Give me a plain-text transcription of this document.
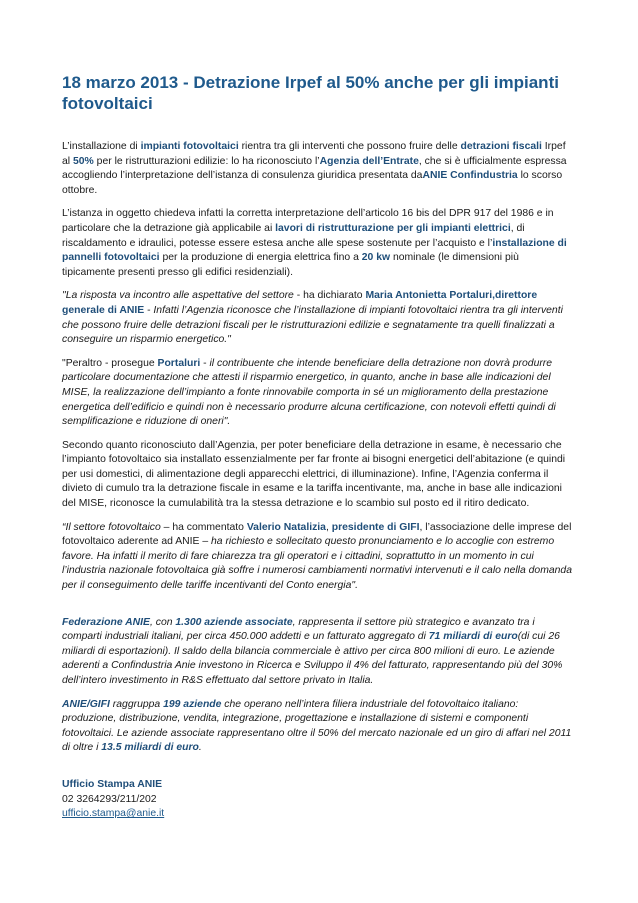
18 marzo 2013 - Detrazione Irpef al 50% anche per gli impianti fotovoltaici

L’installazione di impianti fotovoltaici rientra tra gli interventi che possono fruire delle detrazioni fiscali Irpef al 50% per le ristrutturazioni edilizie: lo ha riconosciuto l’Agenzia dell’Entrate, che si è ufficialmente espressa accogliendo l’interpretazione dell’istanza di consulenza giuridica presentata daANIE Confindustria lo scorso ottobre.

L’istanza in oggetto chiedeva infatti la corretta interpretazione dell’articolo 16 bis del DPR 917 del 1986 e in particolare che la detrazione già applicabile ai lavori di ristrutturazione per gli impianti elettrici, di riscaldamento e idraulici, potesse essere estesa anche alle spese sostenute per l’acquisto e l’installazione di pannelli fotovoltaici per la produzione di energia elettrica fino a 20 kw nominale (le dimensioni più tipicamente presenti presso gli edifici residenziali).

"La risposta va incontro alle aspettative del settore - ha dichiarato Maria Antonietta Portaluri,direttore generale di ANIE - Infatti l’Agenzia riconosce che l’installazione di impianti fotovoltaici rientra tra gli interventi che possono fruire delle detrazioni fiscali per le ristrutturazioni edilizie e segnatamente tra quelli finalizzati a conseguire un risparmio energetico."

"Peraltro - prosegue Portaluri - il contribuente che intende beneficiare della detrazione non dovrà produrre particolare documentazione che attesti il risparmio energetico, in quanto, anche in base alle indicazioni del MISE, la realizzazione dell’impianto a fonte rinnovabile comporta in sé un miglioramento della prestazione energetica dell’edificio e quindi non è necessario produrre alcuna certificazione, con notevoli effetti quindi di semplificazione e riduzione di oneri".

Secondo quanto riconosciuto dall’Agenzia, per poter beneficiare della detrazione in esame, è necessario che l’impianto fotovoltaico sia installato essenzialmente per far fronte ai bisogni energetici dell’abitazione (e quindi per usi domestici, di alimentazione degli apparecchi elettrici, di illuminazione). Infine, l’Agenzia conferma il divieto di cumulo tra la detrazione fiscale in esame e la tariffa incentivante, ma, anche in base alle indicazioni del MISE, riconosce la cumulabilità tra la stessa detrazione e lo scambio sul posto ed il ritiro dedicato.

“Il settore fotovoltaico – ha commentato Valerio Natalizia, presidente di GIFI, l’associazione delle imprese del fotovoltaico aderente ad ANIE – ha richiesto e sollecitato questo pronunciamento e lo accoglie con estremo favore. Ha infatti il merito di fare chiarezza tra gli operatori e i cittadini, soprattutto in un momento in cui l’industria nazionale fotovoltaica già soffre i numerosi cambiamenti normativi intervenuti e il calo nella domanda per il conseguimento delle tariffe incentivanti del Conto energia".

Federazione ANIE, con 1.300 aziende associate, rappresenta il settore più strategico e avanzato tra i comparti industriali italiani, per circa 450.000 addetti e un fatturato aggregato di 71 miliardi di euro(di cui 26 miliardi di esportazioni). Il saldo della bilancia commerciale è attivo per circa 800 milioni di euro. Le aziende aderenti a Confindustria Anie investono in Ricerca e Sviluppo il 4% del fatturato, rappresentando più del 30% dell’intero investimento in R&S effettuato dal settore privato in Italia.

ANIE/GIFI raggruppa 199 aziende che operano nell’intera filiera industriale del fotovoltaico italiano: produzione, distribuzione, vendita, integrazione, progettazione e installazione di sistemi e componenti fotovoltaici. Le aziende associate rappresentano oltre il 50% del mercato nazionale ed un giro di affari nel 2011 di oltre i 13.5 miliardi di euro.

Ufficio Stampa ANIE
02 3264293/211/202
ufficio.stampa@anie.it
